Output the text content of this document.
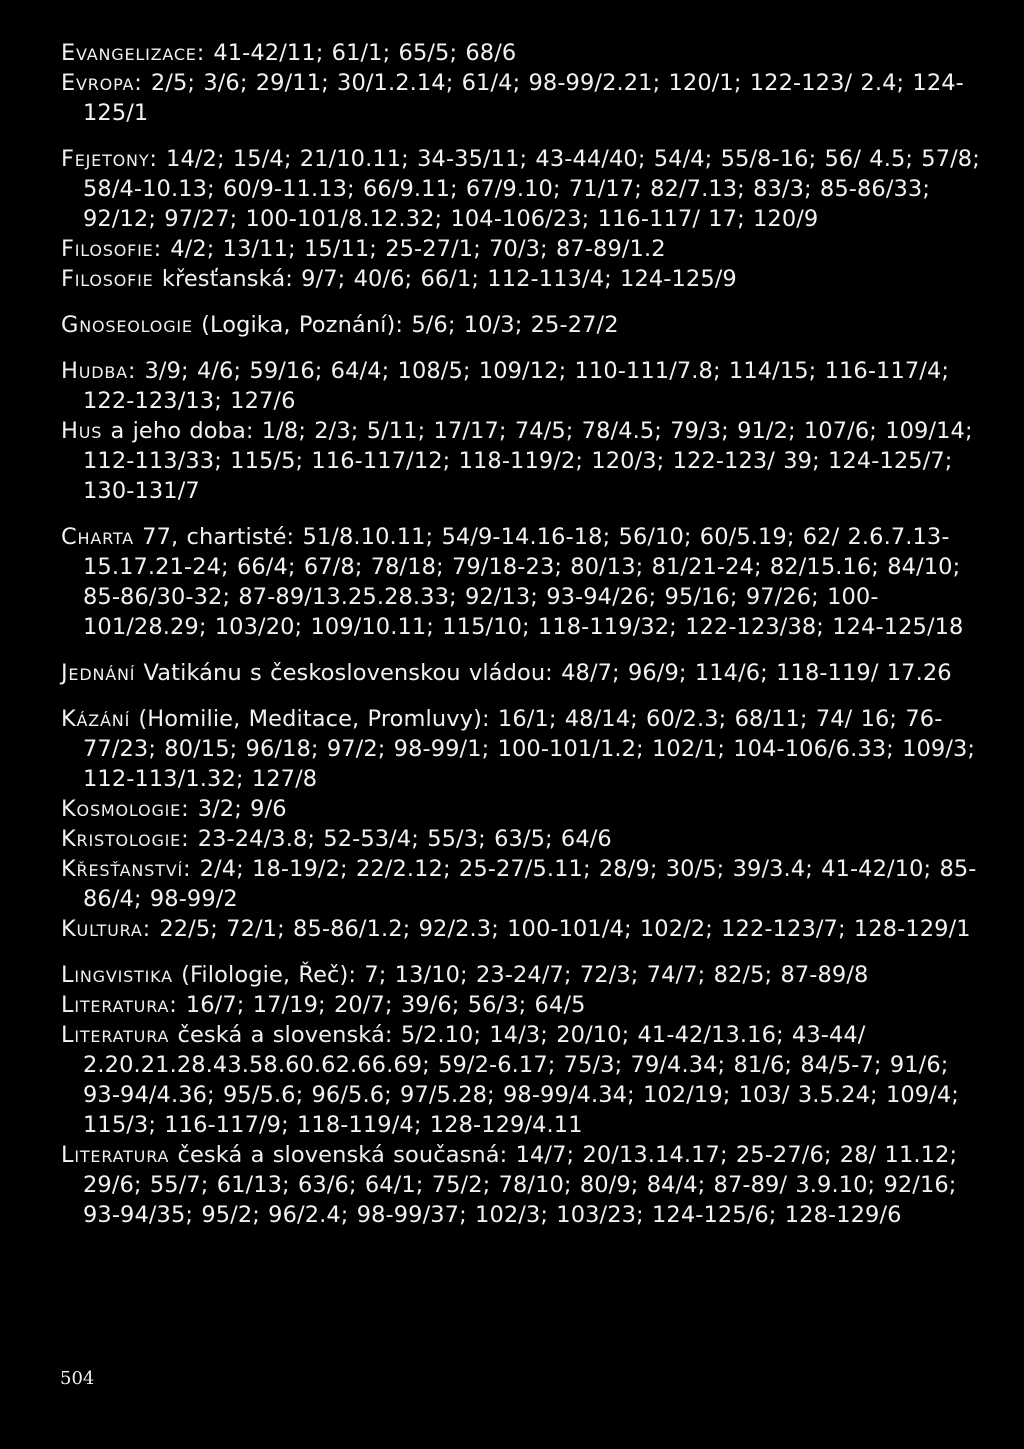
Evangelizace: 41-42/11; 61/1; 65/5; 68/6

Evropa: 2/5; 3/6; 29/11; 30/1.2.14; 61/4; 98-99/2.21; 120/1; 122-123/ 2.4; 124-125/1

Fejetony: 14/2; 15/4; 21/10.11; 34-35/11; 43-44/40; 54/4; 55/8-16; 56/ 4.5; 57/8; 58/4-10.13; 60/9-11.13; 66/9.11; 67/9.10; 71/17; 82/7.13; 83/3; 85-86/33; 92/12; 97/27; 100-101/8.12.32; 104-106/23; 116-117/ 17; 120/9

Filosofie: 4/2; 13/11; 15/11; 25-27/1; 70/3; 87-89/1.2

Filosofie křesťanská: 9/7; 40/6; 66/1; 112-113/4; 124-125/9

Gnoseologie (Logika, Poznání): 5/6; 10/3; 25-27/2

Hudba: 3/9; 4/6; 59/16; 64/4; 108/5; 109/12; 110-111/7.8; 114/15; 116-117/4; 122-123/13; 127/6

Hus a jeho doba: 1/8; 2/3; 5/11; 17/17; 74/5; 78/4.5; 79/3; 91/2; 107/6; 109/14; 112-113/33; 115/5; 116-117/12; 118-119/2; 120/3; 122-123/ 39; 124-125/7; 130-131/7

Charta 77, chartisté: 51/8.10.11; 54/9-14.16-18; 56/10; 60/5.19; 62/ 2.6.7.13-15.17.21-24; 66/4; 67/8; 78/18; 79/18-23; 80/13; 81/21-24; 82/15.16; 84/10; 85-86/30-32; 87-89/13.25.28.33; 92/13; 93-94/26; 95/16; 97/26; 100-101/28.29; 103/20; 109/10.11; 115/10; 118-119/32; 122-123/38; 124-125/18

Jednání Vatikánu s československou vládou: 48/7; 96/9; 114/6; 118-119/ 17.26

Kázání (Homilie, Meditace, Promluvy): 16/1; 48/14; 60/2.3; 68/11; 74/ 16; 76-77/23; 80/15; 96/18; 97/2; 98-99/1; 100-101/1.2; 102/1; 104-106/6.33; 109/3; 112-113/1.32; 127/8

Kosmologie: 3/2; 9/6

Kristologie: 23-24/3.8; 52-53/4; 55/3; 63/5; 64/6

Křesťanství: 2/4; 18-19/2; 22/2.12; 25-27/5.11; 28/9; 30/5; 39/3.4; 41-42/10; 85-86/4; 98-99/2

Kultura: 22/5; 72/1; 85-86/1.2; 92/2.3; 100-101/4; 102/2; 122-123/7; 128-129/1

Lingvistika (Filologie, Řeč): 7; 13/10; 23-24/7; 72/3; 74/7; 82/5; 87-89/8

Literatura: 16/7; 17/19; 20/7; 39/6; 56/3; 64/5

Literatura česká a slovenská: 5/2.10; 14/3; 20/10; 41-42/13.16; 43-44/ 2.20.21.28.43.58.60.62.66.69; 59/2-6.17; 75/3; 79/4.34; 81/6; 84/5-7; 91/6; 93-94/4.36; 95/5.6; 96/5.6; 97/5.28; 98-99/4.34; 102/19; 103/ 3.5.24; 109/4; 115/3; 116-117/9; 118-119/4; 128-129/4.11

Literatura česká a slovenská současná: 14/7; 20/13.14.17; 25-27/6; 28/ 11.12; 29/6; 55/7; 61/13; 63/6; 64/1; 75/2; 78/10; 80/9; 84/4; 87-89/ 3.9.10; 92/16; 93-94/35; 95/2; 96/2.4; 98-99/37; 102/3; 103/23; 124-125/6; 128-129/6

504
